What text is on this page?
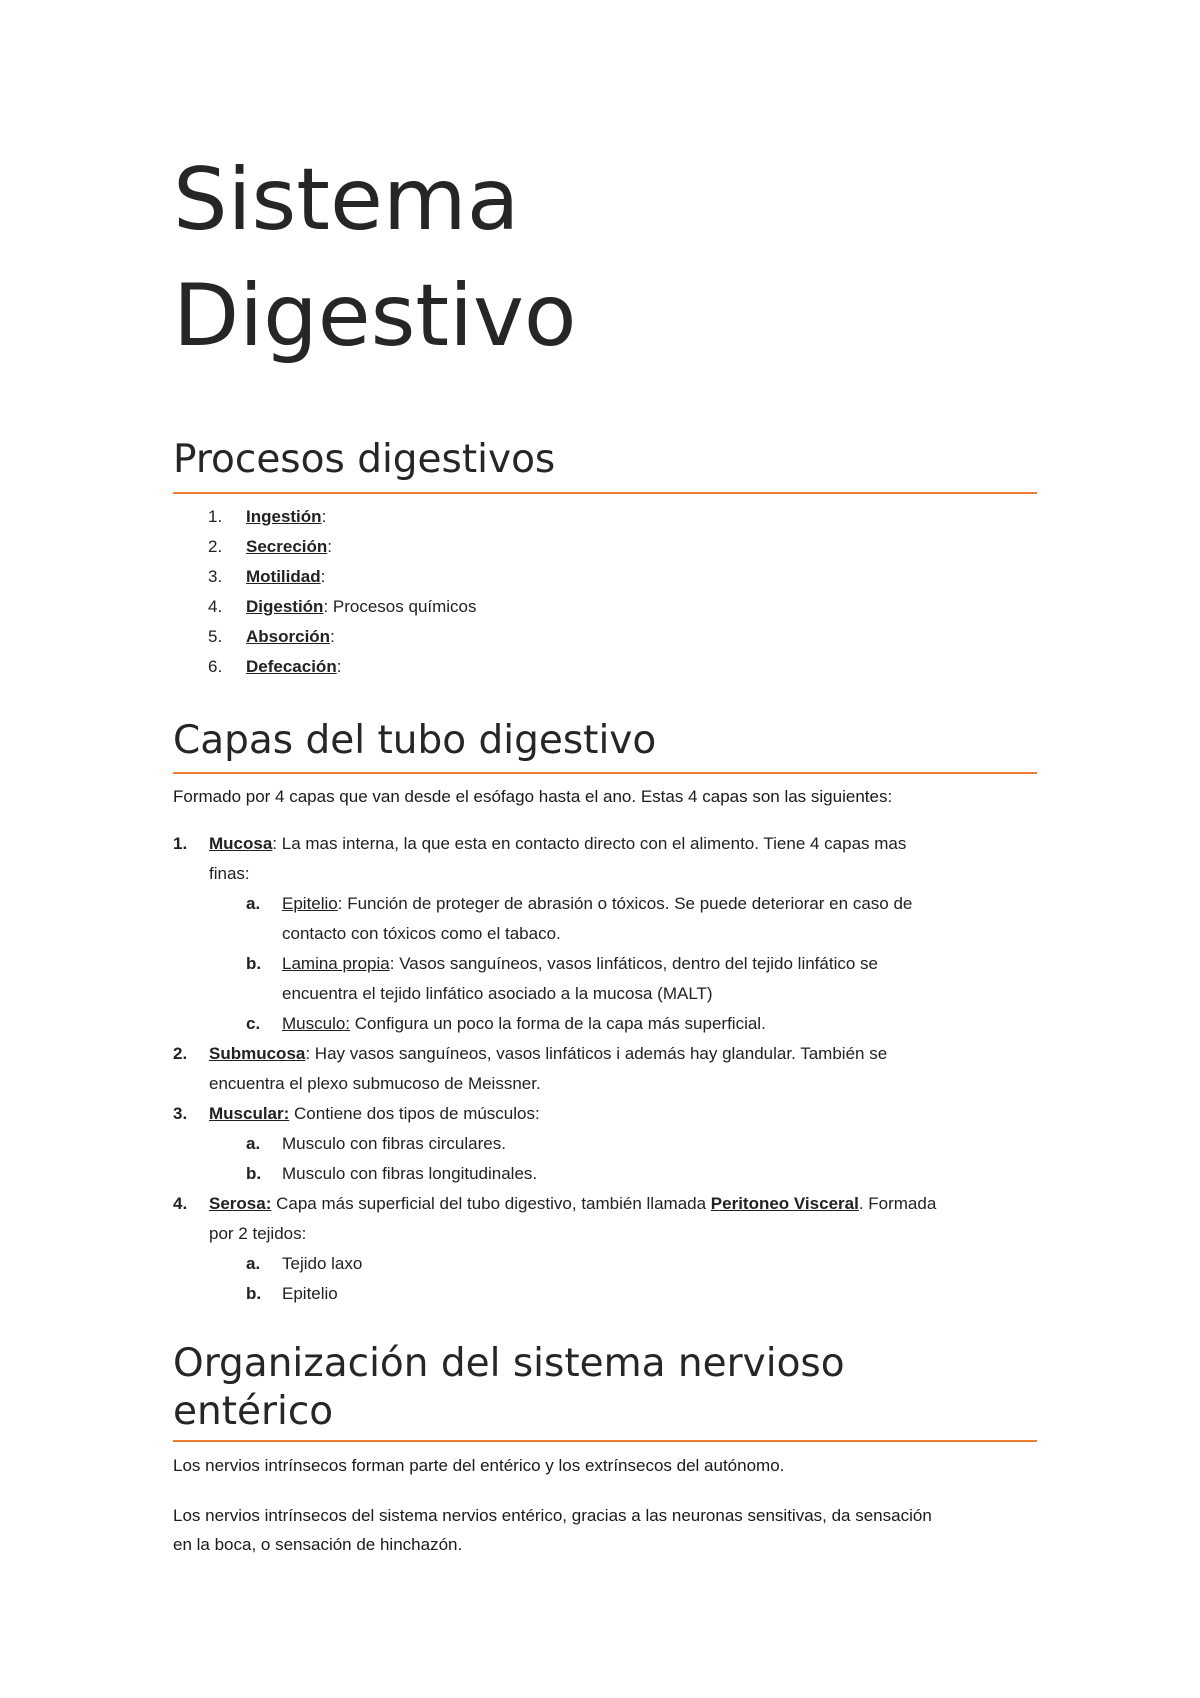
Sistema
Digestivo
Procesos digestivos
1.	Ingestión:
2.	Secreción:
3.	Motilidad:
4.	Digestión: Procesos químicos
5.	Absorción:
6.	Defecación:
Capas del tubo digestivo

Formado por 4 capas que van desde el esófago hasta el ano. Estas 4 capas son las siguientes:

1.	Mucosa: La mas interna, la que esta en contacto directo con el alimento. Tiene 4 capas mas
finas:
a.	Epitelio: Función de proteger de abrasión o tóxicos. Se puede deteriorar en caso de
contacto con tóxicos como el tabaco.
b.	Lamina propia: Vasos sanguíneos, vasos linfáticos, dentro del tejido linfático se
encuentra el tejido linfático asociado a la mucosa (MALT)
c.	Musculo: Configura un poco la forma de la capa más superficial.
2.	Submucosa: Hay vasos sanguíneos, vasos linfáticos i además hay glandular. También se
encuentra el plexo submucoso de Meissner.
3.	Muscular: Contiene dos tipos de músculos:
a.	Musculo con fibras circulares.
b.	Musculo con fibras longitudinales.
4.	Serosa: Capa más superficial del tubo digestivo, también llamada Peritoneo Visceral. Formada
por 2 tejidos:
a.	Tejido laxo
b.	Epitelio
Organización del sistema nervioso
entérico

Los nervios intrínsecos forman parte del entérico y los extrínsecos del autónomo.

Los nervios intrínsecos del sistema nervios entérico, gracias a las neuronas sensitivas, da sensación
en la boca, o sensación de hinchazón.
